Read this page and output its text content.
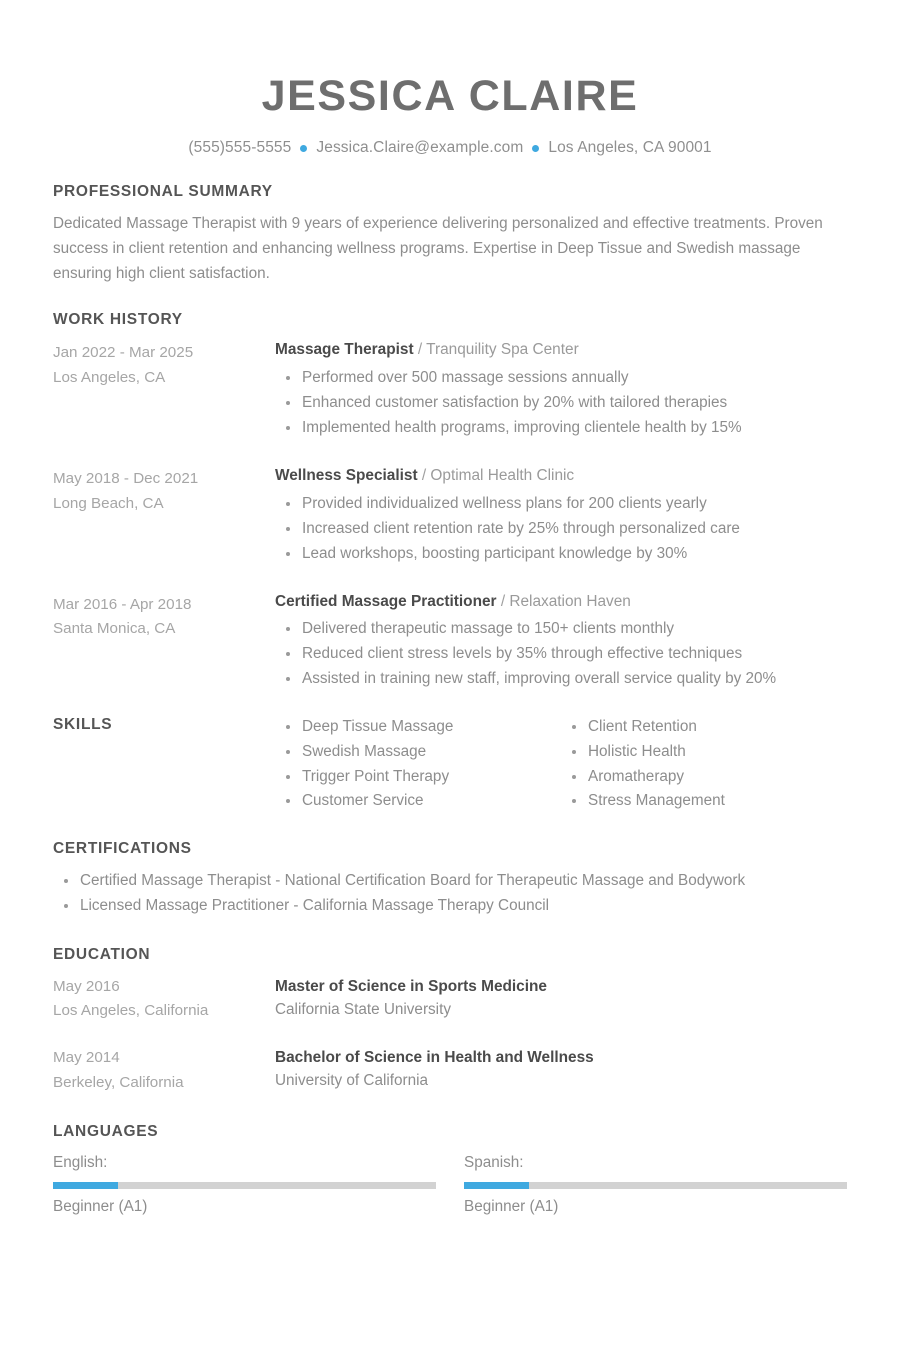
JESSICA CLAIRE
(555)555-5555 Jessica.Claire@example.com Los Angeles, CA 90001
PROFESSIONAL SUMMARY
Dedicated Massage Therapist with 9 years of experience delivering personalized and effective treatments. Proven success in client retention and enhancing wellness programs. Expertise in Deep Tissue and Swedish massage ensuring high client satisfaction.
WORK HISTORY
Jan 2022 - Mar 2025
Los Angeles, CA
Massage Therapist / Tranquility Spa Center
Performed over 500 massage sessions annually
Enhanced customer satisfaction by 20% with tailored therapies
Implemented health programs, improving clientele health by 15%
May 2018 - Dec 2021
Long Beach, CA
Wellness Specialist / Optimal Health Clinic
Provided individualized wellness plans for 200 clients yearly
Increased client retention rate by 25% through personalized care
Lead workshops, boosting participant knowledge by 30%
Mar 2016 - Apr 2018
Santa Monica, CA
Certified Massage Practitioner / Relaxation Haven
Delivered therapeutic massage to 150+ clients monthly
Reduced client stress levels by 35% through effective techniques
Assisted in training new staff, improving overall service quality by 20%
SKILLS	Deep Tissue Massage
Swedish Massage
Trigger Point Therapy
Customer Service
Client Retention
Holistic Health
Aromatherapy
Stress Management
CERTIFICATIONS
Certified Massage Therapist - National Certification Board for Therapeutic Massage and Bodywork
Licensed Massage Practitioner - California Massage Therapy Council
EDUCATION
May 2016
Los Angeles, California
Master of Science in Sports Medicine
California State University
May 2014
Berkeley, California
Bachelor of Science in Health and Wellness
University of California
LANGUAGES
English:
Beginner (A1)
Spanish:
Beginner (A1)
